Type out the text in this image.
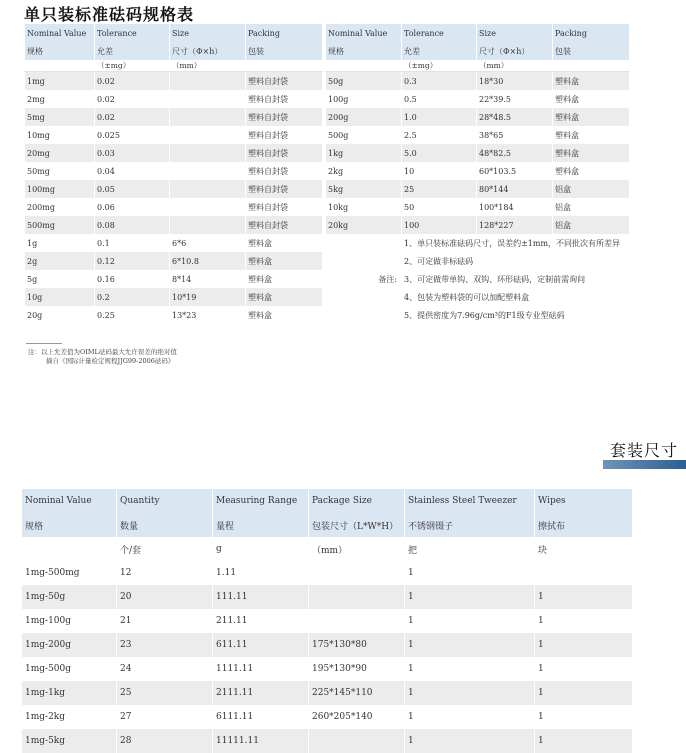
单只装标准砝码规格表
Nominal Value	Tolerance	Size	Packing
规格	允差	尺寸（Φ×h）	包装
	（±mg）	（mm）	
1mg	0.02		塑料自封袋
2mg	0.02		塑料自封袋
5mg	0.02		塑料自封袋
10mg	0.025		塑料自封袋
20mg	0.03		塑料自封袋
50mg	0.04		塑料自封袋
100mg	0.05		塑料自封袋
200mg	0.06		塑料自封袋
500mg	0.08		塑料自封袋
1g	0.1	6*6	塑料盒
2g	0.12	6*10.8	塑料盒
5g	0.16	8*14	塑料盒
10g	0.2	10*19	塑料盒
20g	0.25	13*23	塑料盒
Nominal Value	Tolerance	Size	Packing
规格	允差	尺寸（Φ×h）	包装
	（±mg）	（mm）	
50g	0.3	18*30	塑料盒
100g	0.5	22*39.5	塑料盒
200g	1.0	28*48.5	塑料盒
500g	2.5	38*65	塑料盒
1kg	5.0	48*82.5	塑料盒
2kg	10	60*103.5	塑料盒
5kg	25	80*144	铝盒
10kg	50	100*184	铝盒
20kg	100	128*227	铝盒
	1、单只装标准砝码尺寸，误差约±1mm，不同批次有所差异		
	2、可定做非标砝码		
备注:	3、可定做带单钩、双钩、环形砝码，定制前需询问		
	4、包装为塑料袋的可以加配塑料盒		
	5、提供密度为7.96g/cm³的F1级专业型砝码		
注：以上允差值为OIML砝码最大允许误差的绝对值
摘自《国际计量检定规程JJG99-2006砝码》
套装尺寸
Nominal Value	Quantity	Measuring Range	Package Size	Stainless Steel Tweezer	Wipes
规格	数量	量程	包装尺寸（L*W*H）	不锈钢镊子	擦拭布
	个/套	g	（mm）	把	块
1mg-500mg	12	1.11		1	
1mg-50g	20	111.11		1	1
1mg-100g	21	211.11		1	1
1mg-200g	23	611.11	175*130*80	1	1
1mg-500g	24	1111.11	195*130*90	1	1
1mg-1kg	25	2111.11	225*145*110	1	1
1mg-2kg	27	6111.11	260*205*140	1	1
1mg-5kg	28	11111.11		1	1
